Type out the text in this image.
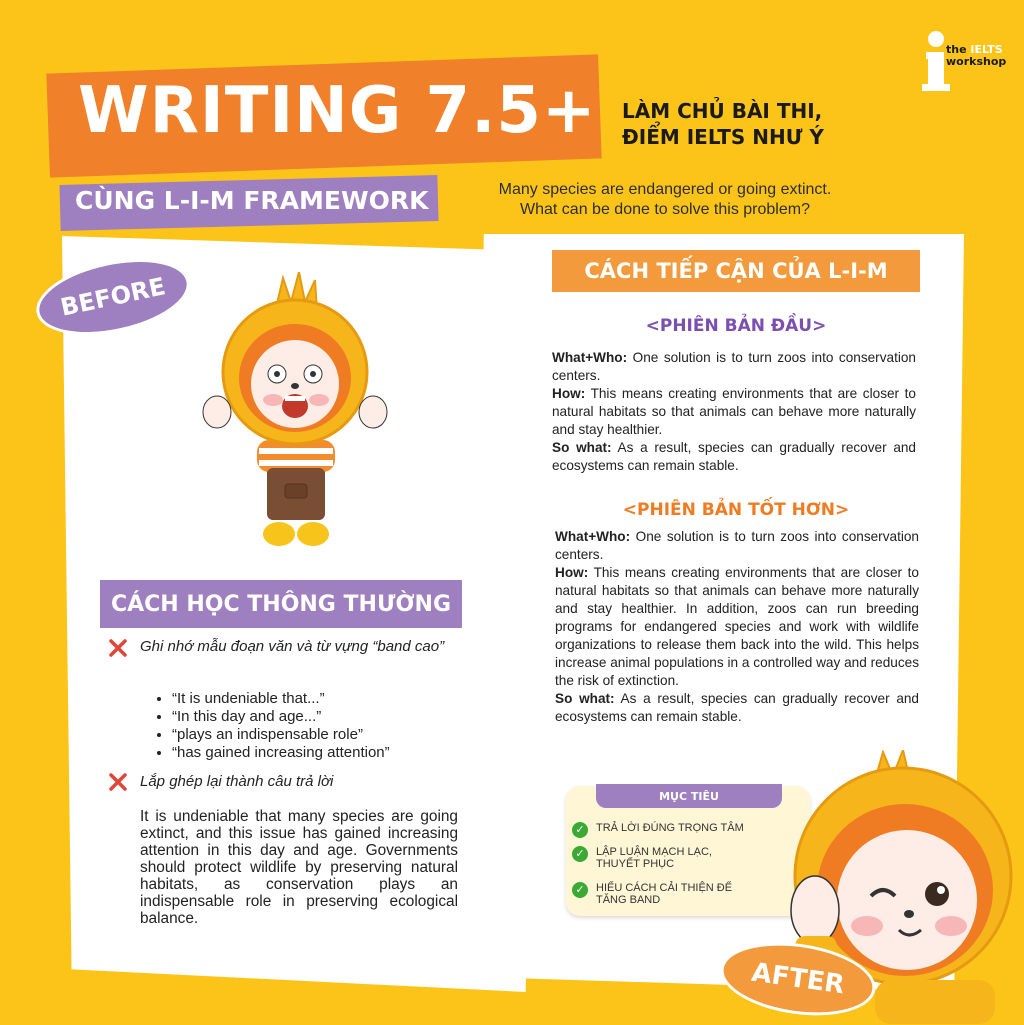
the IELTS
workshop
WRITING 7.5+ LÀM CHỦ BÀI THI,
ĐIỂM IELTS NHƯ Ý
CÙNG L-I-M FRAMEWORK	Many species are endangered or going extinct.
What can be done to solve this problem?
BEFORE
CÁCH HỌC THÔNG THƯỜNG
Ghi nhớ mẫu đoạn văn và từ vựng “band cao”
• “It is undeniable that...”
• “In this day and age...”
• “plays an indispensable role”
• “has gained increasing attention”
Lắp ghép lại thành câu trả lời
It is undeniable that many species are going extinct, and this issue has gained increasing attention in this day and age. Governments should protect wildlife by preserving natural habitats, as conservation plays an indispensable role in preserving ecological balance.
CÁCH TIẾP CẬN CỦA L-I-M
<PHIÊN BẢN ĐẦU>
What+Who: One solution is to turn zoos into conservation centers.
How: This means creating environments that are closer to natural habitats so that animals can behave more naturally and stay healthier.
So what: As a result, species can gradually recover and ecosystems can remain stable.
<PHIÊN BẢN TỐT HƠN>
What+Who: One solution is to turn zoos into conservation centers.
How: This means creating environments that are closer to natural habitats so that animals can behave more naturally and stay healthier. In addition, zoos can run breeding programs for endangered species and work with wildlife organizations to release them back into the wild. This helps increase animal populations in a controlled way and reduces the risk of extinction.
So what: As a result, species can gradually recover and ecosystems can remain stable.
MỤC TIÊU
✓	TRẢ LỜI ĐÚNG TRỌNG TÂM
✓	LẬP LUẬN MẠCH LẠC, THUYẾT PHỤC
✓	HIỂU CÁCH CẢI THIỆN ĐỂ TĂNG BAND
AFTER
